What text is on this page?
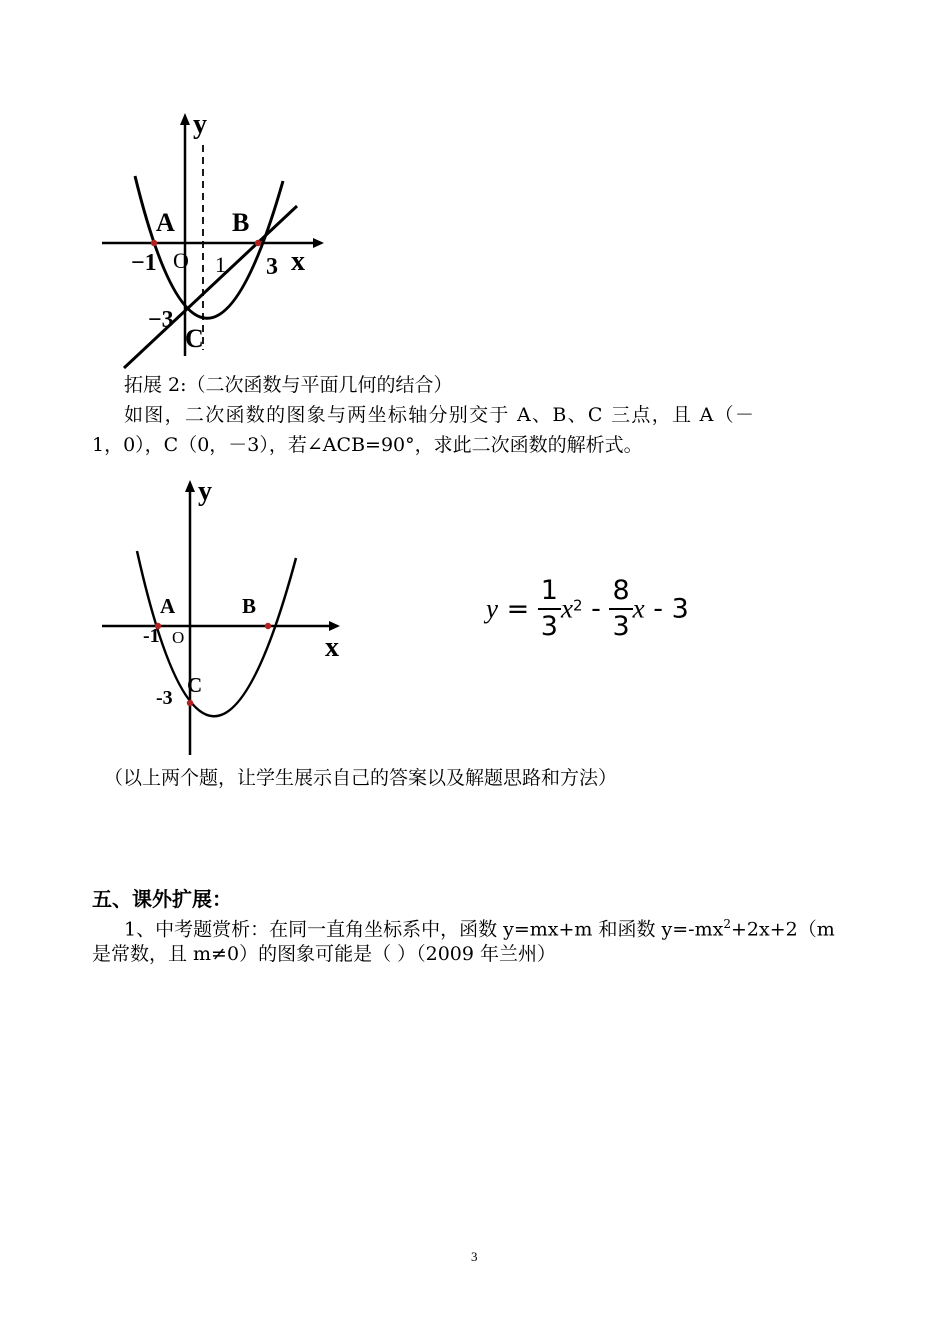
y
x
A B
C
O
−1	1 3
−3
拓展 2:（二次函数与平面几何的结合）
如图，二次函数的图象与两坐标轴分别交于 A、B、C 三点，且 A（－
1，0），C（0，－3），若∠ACB=90°，求此二次函数的解析式。
y
x
A	B
C
O
-1
-3
$y = \frac{1}{3} x^2 - \frac{8}{3}$ x - 3
（以上两个题，让学生展示自己的答案以及解题思路和方法）
五、课外扩展：
1、中考题赏析：在同一直角坐标系中，函数 y=mx+m 和函数 $y=-mx^2+2x+2(m$
是常数，且 m≠0）的图象可能是（ ）（2009 年兰州）
3
